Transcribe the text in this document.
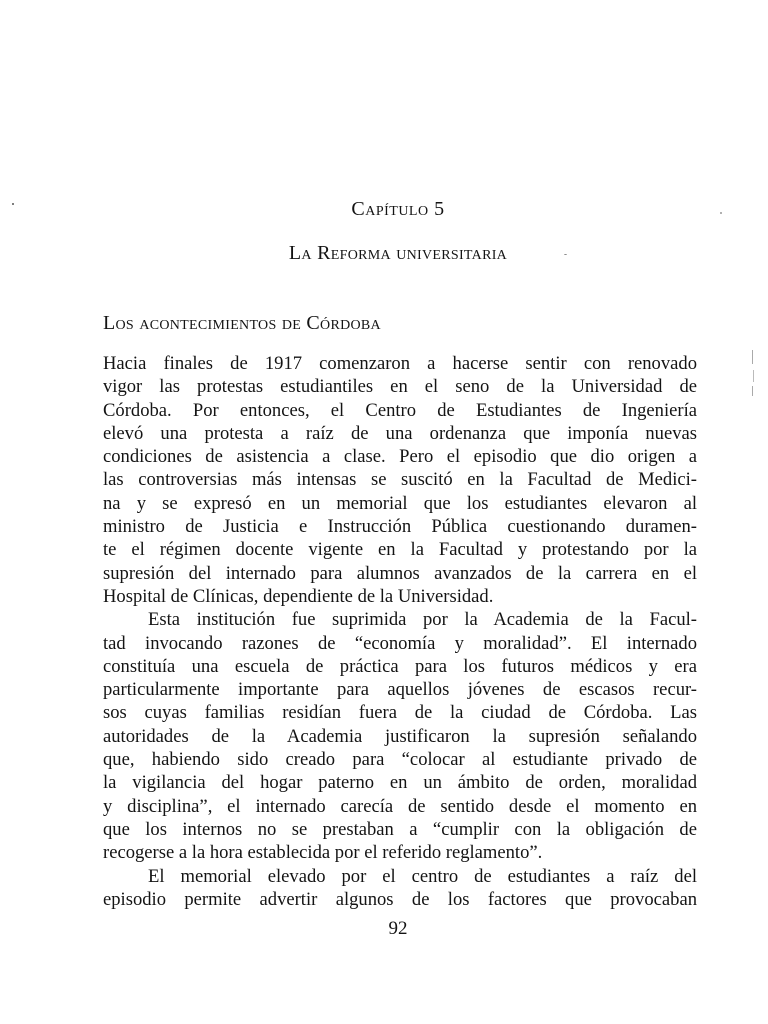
Capítulo 5
La Reforma universitaria
Los acontecimientos de Córdoba

Hacia finales de 1917 comenzaron a hacerse sentir con renovado

vigor las protestas estudiantiles en el seno de la Universidad de

Córdoba. Por entonces, el Centro de Estudiantes de Ingeniería

elevó una protesta a raíz de una ordenanza que imponía nuevas

condiciones de asistencia a clase. Pero el episodio que dio origen a

las controversias más intensas se suscitó en la Facultad de Medici-

na y se expresó en un memorial que los estudiantes elevaron al

ministro de Justicia e Instrucción Pública cuestionando duramen-

te el régimen docente vigente en la Facultad y protestando por la

supresión del internado para alumnos avanzados de la carrera en el

Hospital de Clínicas, dependiente de la Universidad.

Esta institución fue suprimida por la Academia de la Facul-

tad invocando razones de “economía y moralidad”. El internado

constituía una escuela de práctica para los futuros médicos y era

particularmente importante para aquellos jóvenes de escasos recur-

sos cuyas familias residían fuera de la ciudad de Córdoba. Las

autoridades de la Academia justificaron la supresión señalando

que, habiendo sido creado para “colocar al estudiante privado de

la vigilancia del hogar paterno en un ámbito de orden, moralidad

y disciplina”, el internado carecía de sentido desde el momento en

que los internos no se prestaban a “cumplir con la obligación de

recogerse a la hora establecida por el referido reglamento”.

El memorial elevado por el centro de estudiantes a raíz del

episodio permite advertir algunos de los factores que provocaban

92
